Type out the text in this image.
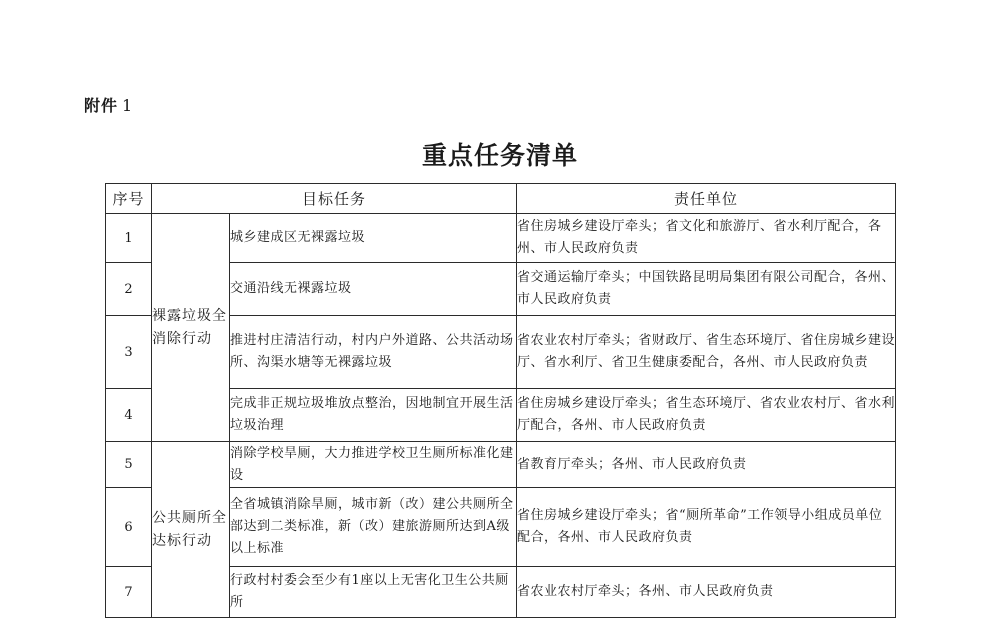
附件 1
重点任务清单
序号	目标任务		责任单位
1	裸露垃圾全消除行动	城乡建成区无裸露垃圾	省住房城乡建设厅牵头；省文化和旅游厅、省水利厅配合，各州、市人民政府负责
2		交通沿线无裸露垃圾	省交通运输厅牵头；中国铁路昆明局集团有限公司配合，各州、市人民政府负责
3		推进村庄清洁行动，村内户外道路、公共活动场所、沟渠水塘等无裸露垃圾	省农业农村厅牵头；省财政厅、省生态环境厅、省住房城乡建设厅、省水利厅、省卫生健康委配合，各州、市人民政府负责
4		完成非正规垃圾堆放点整治，因地制宜开展生活垃圾治理	省住房城乡建设厅牵头；省生态环境厅、省农业农村厅、省水利厅配合，各州、市人民政府负责
5	公共厕所全达标行动	消除学校旱厕，大力推进学校卫生厕所标准化建设	省教育厅牵头；各州、市人民政府负责
6		全省城镇消除旱厕，城市新（改）建公共厕所全部达到二类标准，新（改）建旅游厕所达到A级以上标准	省住房城乡建设厅牵头；省“厕所革命”工作领导小组成员单位配合，各州、市人民政府负责
7		行政村村委会至少有1座以上无害化卫生公共厕所	省农业农村厅牵头；各州、市人民政府负责
